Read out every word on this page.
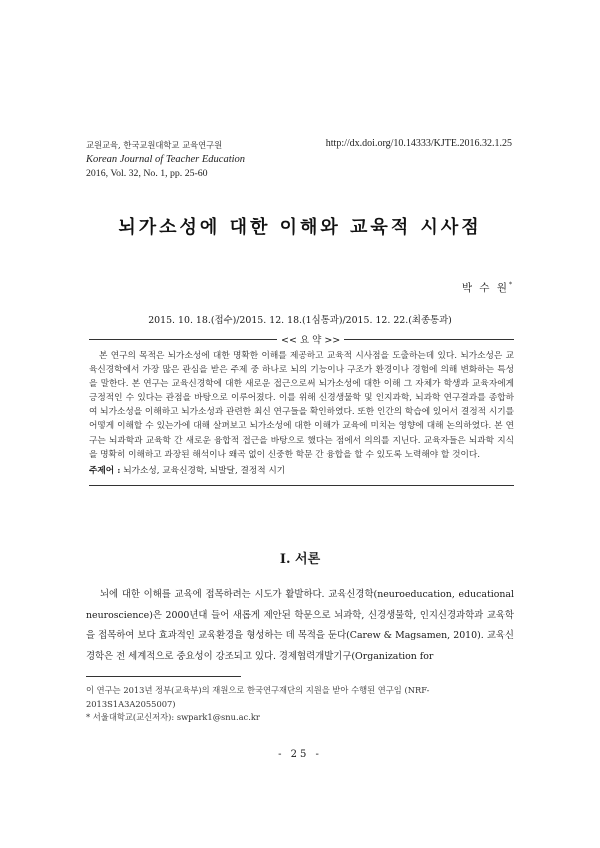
교원교육, 한국교원대학교 교육연구원
Korean Journal of Teacher Education
2016, Vol. 32, No. 1, pp. 25-60
http://dx.doi.org/10.14333/KJTE.2016.32.1.25
뇌가소성에 대한 이해와 교육적 시사점
박 수 원*
2015. 10. 18.(접수)/2015. 12. 18.(1심통과)/2015. 12. 22.(최종통과)
<< 요 약 >>

본 연구의 목적은 뇌가소성에 대한 명확한 이해를 제공하고 교육적 시사점을 도출하는데 있다. 뇌가소성은 교육신경학에서 가장 많은 관심을 받은 주제 중 하나로 뇌의 기능이나 구조가 환경이나 경험에 의해 변화하는 특성을 말한다. 본 연구는 교육신경학에 대한 새로운 접근으로써 뇌가소성에 대한 이해 그 자체가 학생과 교육자에게 긍정적인 수 있다는 관점을 바탕으로 이루어졌다. 이를 위해 신경생물학 및 인지과학, 뇌과학 연구결과를 종합하여 뇌가소성을 이해하고 뇌가소성과 관련한 최신 연구들을 확인하였다. 또한 인간의 학습에 있어서 결정적 시기를 어떻게 이해할 수 있는가에 대해 살펴보고 뇌가소성에 대한 이해가 교육에 미치는 영향에 대해 논의하였다. 본 연구는 뇌과학과 교육학 간 새로운 융합적 접근을 바탕으로 했다는 점에서 의의를 지닌다. 교육자들은 뇌과학 지식을 명확히 이해하고 과장된 해석이나 왜곡 없이 신중한 학문 간 융합을 할 수 있도록 노력해야 할 것이다.

주제어 : 뇌가소성, 교육신경학, 뇌발달, 결정적 시기
Ⅰ. 서론

뇌에 대한 이해를 교육에 접목하려는 시도가 활발하다. 교육신경학(neuroeducation, educational neuroscience)은 2000년대 들어 새롭게 제안된 학문으로 뇌과학, 신경생물학, 인지신경과학과 교육학을 접목하여 보다 효과적인 교육환경을 형성하는 데 목적을 둔다(Carew & Magsamen, 2010). 교육신경학은 전 세계적으로 중요성이 강조되고 있다. 경제협력개발기구(Organization for

이 연구는 2013년 정부(교육부)의 재원으로 한국연구재단의 지원을 받아 수행된 연구임 (NRF-2013S1A3A2055007)
* 서울대학교(교신저자): swpark1@snu.ac.kr
- 25 -
